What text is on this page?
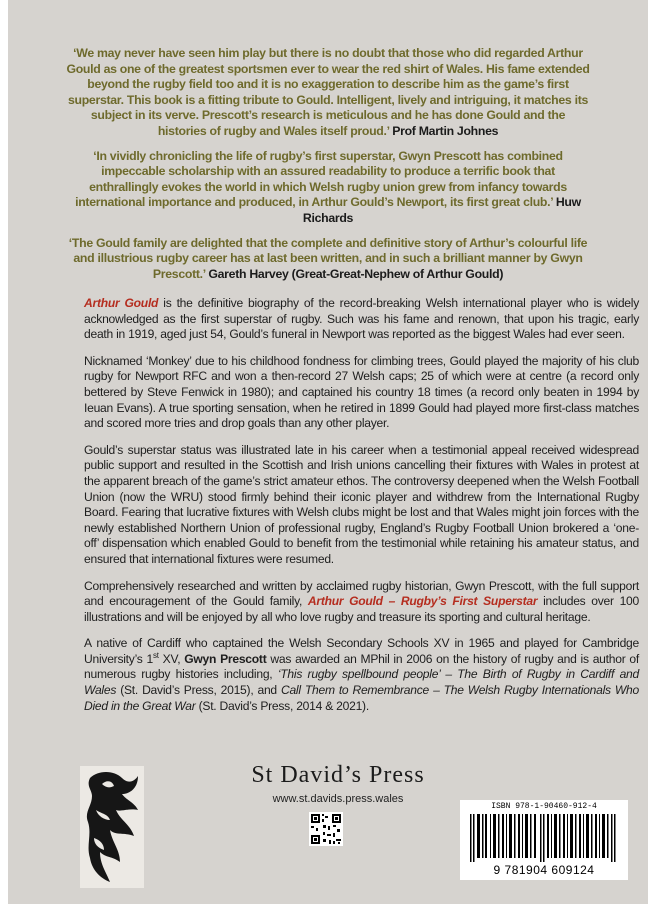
‘We may never have seen him play but there is no doubt that those who did regarded Arthur Gould as one of the greatest sportsmen ever to wear the red shirt of Wales. His fame extended beyond the rugby field too and it is no exaggeration to describe him as the game’s first superstar. This book is a fitting tribute to Gould. Intelligent, lively and intriguing, it matches its subject in its verve. Prescott’s research is meticulous and he has done Gould and the histories of rugby and Wales itself proud.’ Prof Martin Johnes

‘In vividly chronicling the life of rugby’s first superstar, Gwyn Prescott has combined impeccable scholarship with an assured readability to produce a terrific book that enthrallingly evokes the world in which Welsh rugby union grew from infancy towards international importance and produced, in Arthur Gould’s Newport, its first great club.’ Huw Richards

‘The Gould family are delighted that the complete and definitive story of Arthur’s colourful life and illustrious rugby career has at last been written, and in such a brilliant manner by Gwyn Prescott.’ Gareth Harvey (Great-Great-Nephew of Arthur Gould)

Arthur Gould is the definitive biography of the record-breaking Welsh international player who is widely acknowledged as the first superstar of rugby. Such was his fame and renown, that upon his tragic, early death in 1919, aged just 54, Gould’s funeral in Newport was reported as the biggest Wales had ever seen.

Nicknamed ‘Monkey’ due to his childhood fondness for climbing trees, Gould played the majority of his club rugby for Newport RFC and won a then-record 27 Welsh caps; 25 of which were at centre (a record only bettered by Steve Fenwick in 1980); and captained his country 18 times (a record only beaten in 1994 by Ieuan Evans). A true sporting sensation, when he retired in 1899 Gould had played more first-class matches and scored more tries and drop goals than any other player.

Gould’s superstar status was illustrated late in his career when a testimonial appeal received widespread public support and resulted in the Scottish and Irish unions cancelling their fixtures with Wales in protest at the apparent breach of the game’s strict amateur ethos. The controversy deepened when the Welsh Football Union (now the WRU) stood firmly behind their iconic player and withdrew from the International Rugby Board. Fearing that lucrative fixtures with Welsh clubs might be lost and that Wales might join forces with the newly established Northern Union of professional rugby, England’s Rugby Football Union brokered a ‘one-off’ dispensation which enabled Gould to benefit from the testimonial while retaining his amateur status, and ensured that international fixtures were resumed.

Comprehensively researched and written by acclaimed rugby historian, Gwyn Prescott, with the full support and encouragement of the Gould family, Arthur Gould – Rugby’s First Superstar includes over 100 illustrations and will be enjoyed by all who love rugby and treasure its sporting and cultural heritage.

A native of Cardiff who captained the Welsh Secondary Schools XV in 1965 and played for Cambridge University’s 1st XV, Gwyn Prescott was awarded an MPhil in 2006 on the history of rugby and is author of numerous rugby histories including, ‘This rugby spellbound people’ – The Birth of Rugby in Cardiff and Wales (St. David’s Press, 2015), and Call Them to Remembrance – The Welsh Rugby Internationals Who Died in the Great War (St. David’s Press, 2014 & 2021).

St David’s Press
www.st.davids.press.wales
ISBN 978-1-90460-912-4
9 781904 609124
